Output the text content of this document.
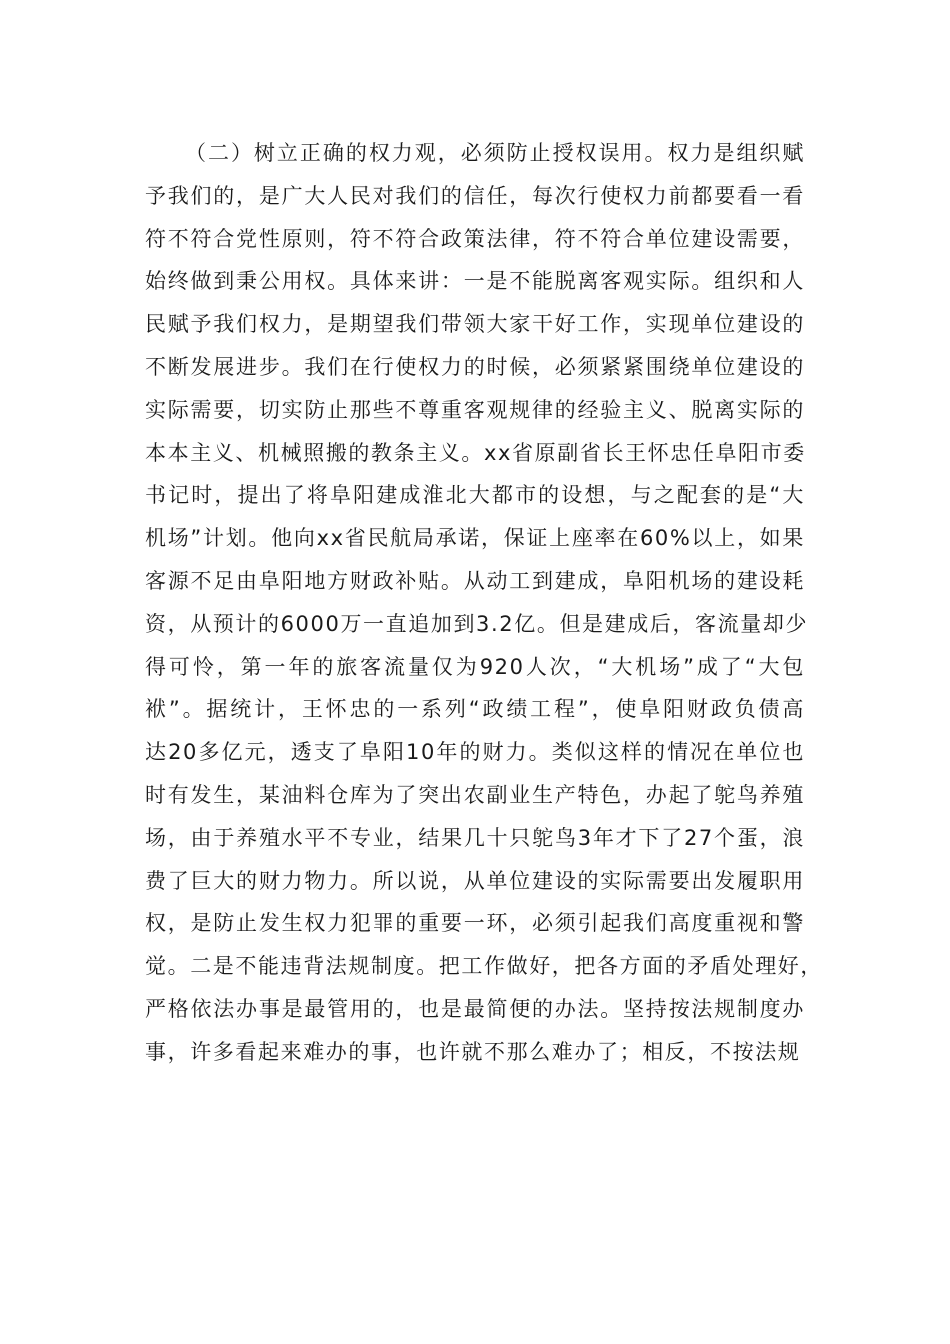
（二）树立正确的权力观，必须防止授权误用。权力是组织赋
予我们的，是广大人民对我们的信任，每次行使权力前都要看一看
符不符合党性原则，符不符合政策法律，符不符合单位建设需要，
始终做到秉公用权。具体来讲：一是不能脱离客观实际。组织和人
民赋予我们权力，是期望我们带领大家干好工作，实现单位建设的
不断发展进步。我们在行使权力的时候，必须紧紧围绕单位建设的
实际需要，切实防止那些不尊重客观规律的经验主义、脱离实际的
本本主义、机械照搬的教条主义。xx省原副省长王怀忠任阜阳市委
书记时，提出了将阜阳建成淮北大都市的设想，与之配套的是“大
机场”计划。他向xx省民航局承诺，保证上座率在60%以上，如果
客源不足由阜阳地方财政补贴。从动工到建成，阜阳机场的建设耗
资，从预计的6000万一直追加到3.2亿。但是建成后，客流量却少
得可怜，第一年的旅客流量仅为920人次，“大机场”成了“大包
袱”。据统计，王怀忠的一系列“政绩工程”，使阜阳财政负债高
达20多亿元，透支了阜阳10年的财力。类似这样的情况在单位也
时有发生，某油料仓库为了突出农副业生产特色，办起了鸵鸟养殖
场，由于养殖水平不专业，结果几十只鸵鸟3年才下了27个蛋，浪
费了巨大的财力物力。所以说，从单位建设的实际需要出发履职用
权，是防止发生权力犯罪的重要一环，必须引起我们高度重视和警
觉。二是不能违背法规制度。把工作做好，把各方面的矛盾处理好，
严格依法办事是最管用的，也是最简便的办法。坚持按法规制度办
事，许多看起来难办的事，也许就不那么难办了；相反，不按法规
